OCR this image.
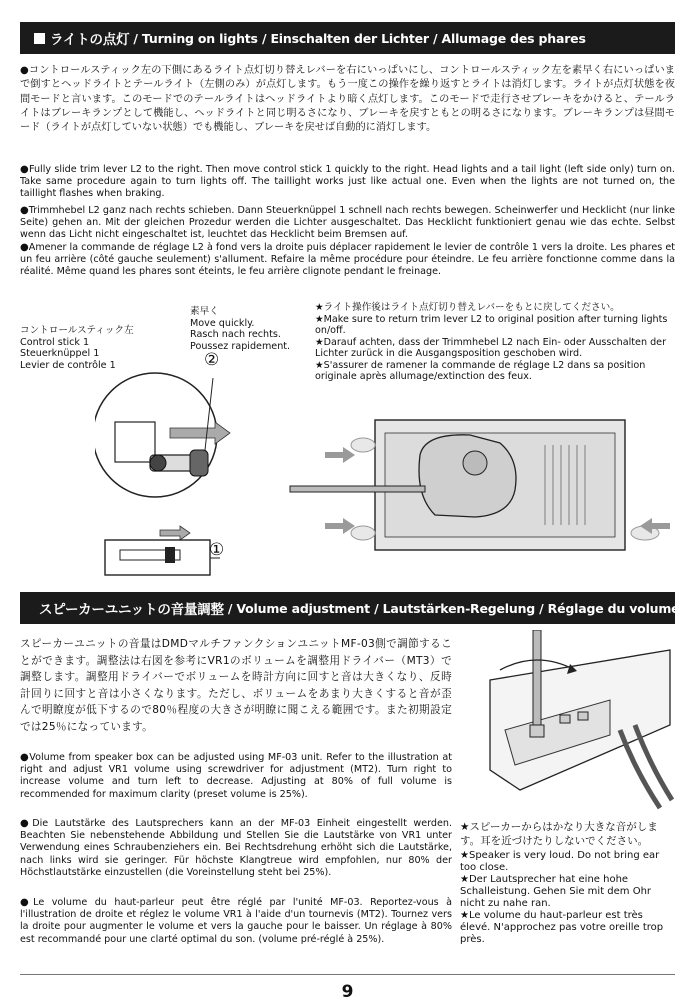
ライトの点灯 / Turning on lights / Einschalten der Lichter / Allumage des phares

●コントロールスティック左の下側にあるライト点灯切り替えレバーを右にいっぱいにし、コントロールスティック左を素早く右にいっぱいまで倒すとヘッドライトとテールライト（左側のみ）が点灯します。もう一度この操作を繰り返すとライトは消灯します。ライトが点灯状態を夜間モードと言います。このモードでのテールライトはヘッドライトより暗く点灯します。このモードで走行させブレーキをかけると、テールライトはブレーキランプとして機能し、ヘッドライトと同じ明るさになり、ブレーキを戻すともとの明るさになります。ブレーキランプは昼間モード（ライトが点灯していない状態）でも機能し、ブレーキを戻せば自動的に消灯します。

●Fully slide trim lever L2 to the right. Then move control stick 1 quickly to the right. Head lights and a tail light (left side only) turn on. Take same procedure again to turn lights off. The taillight works just like actual one. Even when the lights are not turned on, the taillight flashes when braking.

●Trimmhebel L2 ganz nach rechts schieben. Dann Steuerknüppel 1 schnell nach rechts bewegen. Scheinwerfer und Hecklicht (nur linke Seite) gehen an. Mit der gleichen Prozedur werden die Lichter ausgeschaltet. Das Hecklicht funktioniert genau wie das echte. Selbst wenn das Licht nicht eingeschaltet ist, leuchtet das Hecklicht beim Bremsen auf.

●Amener la commande de réglage L2 à fond vers la droite puis déplacer rapidement le levier de contrôle 1 vers la droite. Les phares et un feu arrière (côté gauche seulement) s'allument. Refaire la même procédure pour éteindre. Le feu arrière fonctionne comme dans la réalité. Même quand les phares sont éteints, le feu arrière clignote pendant le freinage.

コントロールスティック左
Control stick 1
Steuerknüppel 1
Levier de contrôle 1
素早く
Move quickly.
Rasch nach rechts.
Poussez rapidement.
②
①
★ライト操作後はライト点灯切り替えレバーをもとに戻してください。
★Make sure to return trim lever L2 to original position after turning lights on/off.
★Darauf achten, dass der Trimmhebel L2 nach Ein- oder Ausschalten der Lichter zurück in die Ausgangsposition geschoben wird.
★S'assurer de ramener la commande de réglage L2 dans sa position originale après allumage/extinction des feux.
スピーカーユニットの音量調整 / Volume adjustment / Lautstärken-Regelung / Réglage du volume

スピーカーユニットの音量はDMDマルチファンクションユニットMF-03側で調節することができます。調整法は右図を参考にVR1のボリュームを調整用ドライバー（MT3）で調整します。調整用ドライバーでボリュームを時計方向に回すと音は大きくなり、反時計回りに回すと音は小さくなります。ただし、ボリュームをあまり大きくすると音が歪んで明瞭度が低下するので80％程度の大きさが明瞭に聞こえる範囲です。また初期設定では25％になっています。

●Volume from speaker box can be adjusted using MF-03 unit. Refer to the illustration at right and adjust VR1 volume using screwdriver for adjustment (MT2). Turn right to increase volume and turn left to decrease. Adjusting at 80% of full volume is recommended for maximum clarity (preset volume is 25%).

●Die Lautstärke des Lautsprechers kann an der MF-03 Einheit eingestellt werden. Beachten Sie nebenstehende Abbildung und Stellen Sie die Lautstärke von VR1 unter Verwendung eines Schraubenziehers ein. Bei Rechtsdrehung erhöht sich die Lautstärke, nach links wird sie geringer. Für höchste Klangtreue wird empfohlen, nur 80% der Höchstlautstärke einzustellen (die Voreinstellung steht bei 25%).

●Le volume du haut-parleur peut être réglé par l'unité MF-03. Reportez-vous à l'illustration de droite et réglez le volume VR1 à l'aide d'un tournevis (MT2). Tournez vers la droite pour augmenter le volume et vers la gauche pour le baisser. Un réglage à 80% est recommandé pour une clarté optimal du son. (volume pré-réglé à 25%).

★スピーカーからはかなり大きな音がします。耳を近づけたりしないでください。
★Speaker is very loud. Do not bring ear too close.
★Der Lautsprecher hat eine hohe Schalleistung. Gehen Sie mit dem Ohr nicht zu nahe ran.
★Le volume du haut-parleur est très élevé. N'approchez pas votre oreille trop près.
9
